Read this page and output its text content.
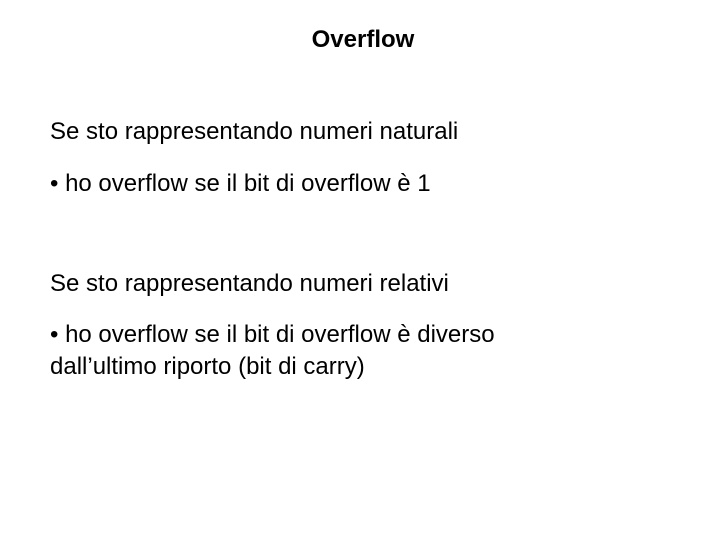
Overflow
Se sto rappresentando numeri naturali
• ho overflow se il bit di overflow è 1
Se sto rappresentando numeri relativi
• ho overflow se il bit di overflow è diverso
dall’ultimo riporto (bit di carry)
